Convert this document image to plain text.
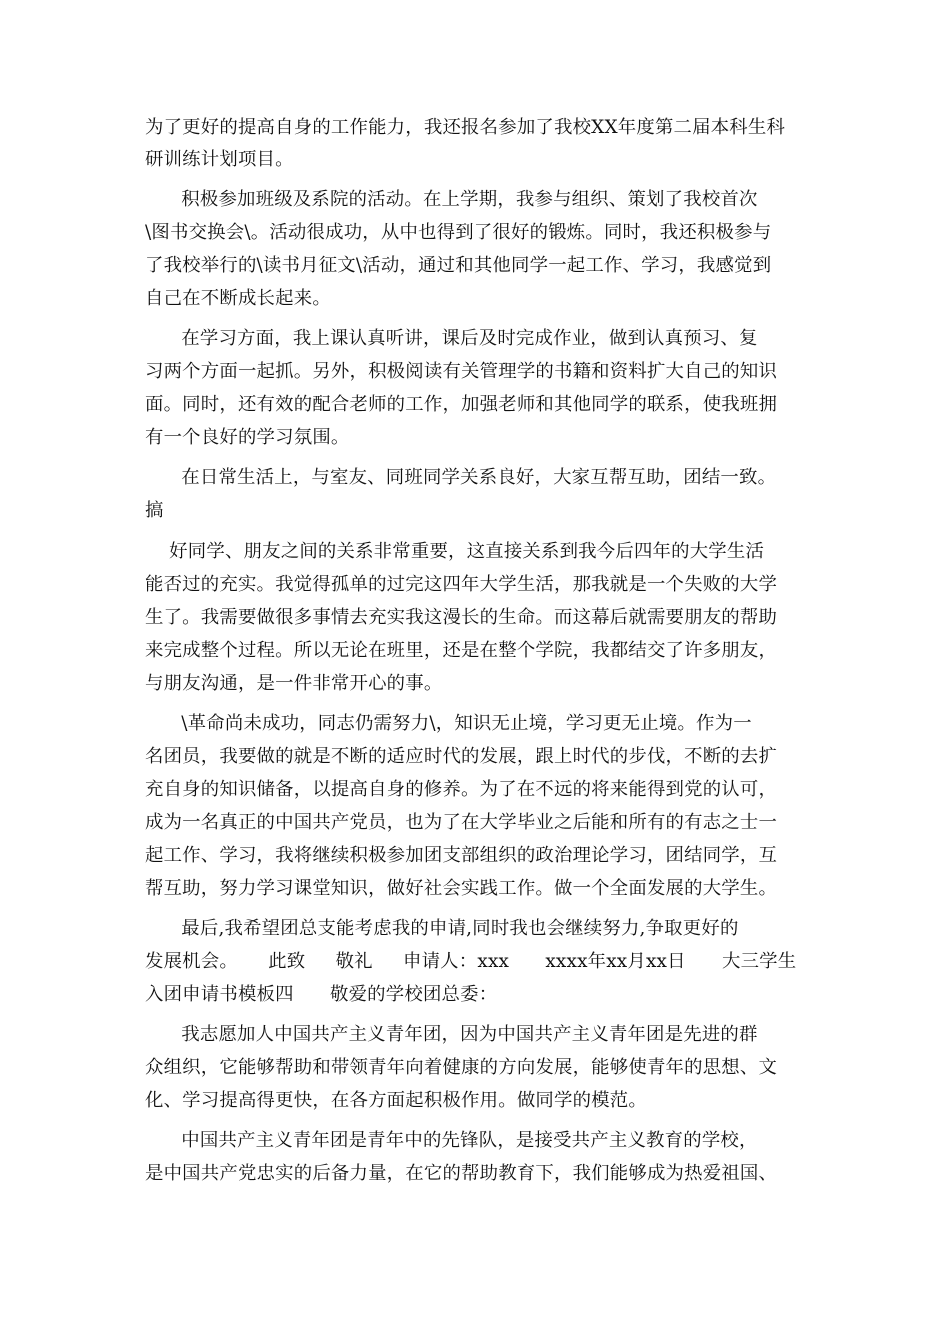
为了更好的提高自身的工作能力，我还报名参加了我校XX年度第二届本科生科
研训练计划项目。
积极参加班级及系院的活动。在上学期，我参与组织、策划了我校首次
\图书交换会\。活动很成功，从中也得到了很好的锻炼。同时，我还积极参与
了我校举行的\读书月征文\活动，通过和其他同学一起工作、学习，我感觉到
自己在不断成长起来。
在学习方面，我上课认真听讲，课后及时完成作业，做到认真预习、复
习两个方面一起抓。另外，积极阅读有关管理学的书籍和资料扩大自己的知识
面。同时，还有效的配合老师的工作，加强老师和其他同学的联系，使我班拥
有一个良好的学习氛围。
在日常生活上，与室友、同班同学关系良好，大家互帮互助，团结一致。
搞
好同学、朋友之间的关系非常重要，这直接关系到我今后四年的大学生活
能否过的充实。我觉得孤单的过完这四年大学生活，那我就是一个失败的大学
生了。我需要做很多事情去充实我这漫长的生命。而这幕后就需要朋友的帮助
来完成整个过程。所以无论在班里，还是在整个学院，我都结交了许多朋友，
与朋友沟通，是一件非常开心的事。
\革命尚未成功，同志仍需努力\，知识无止境，学习更无止境。作为一
名团员，我要做的就是不断的适应时代的发展，跟上时代的步伐，不断的去扩
充自身的知识储备，以提高自身的修养。为了在不远的将来能得到党的认可，
成为一名真正的中国共产党员，也为了在大学毕业之后能和所有的有志之士一
起工作、学习，我将继续积极参加团支部组织的政治理论学习，团结同学，互
帮互助，努力学习课堂知识，做好社会实践工作。做一个全面发展的大学生。
最后,我希望团总支能考虑我的申请,同时我也会继续努力,争取更好的
发展机会。     此致     敬礼     申请人：xxx      xxxx年xx月xx日      大三学生
入团申请书模板四      敬爱的学校团总委：
我志愿加人中国共产主义青年团，因为中国共产主义青年团是先进的群
众组织，它能够帮助和带领青年向着健康的方向发展，能够使青年的思想、文
化、学习提高得更快，在各方面起积极作用。做同学的模范。
中国共产主义青年团是青年中的先锋队，是接受共产主义教育的学校，
是中国共产党忠实的后备力量，在它的帮助教育下，我们能够成为热爱祖国、
